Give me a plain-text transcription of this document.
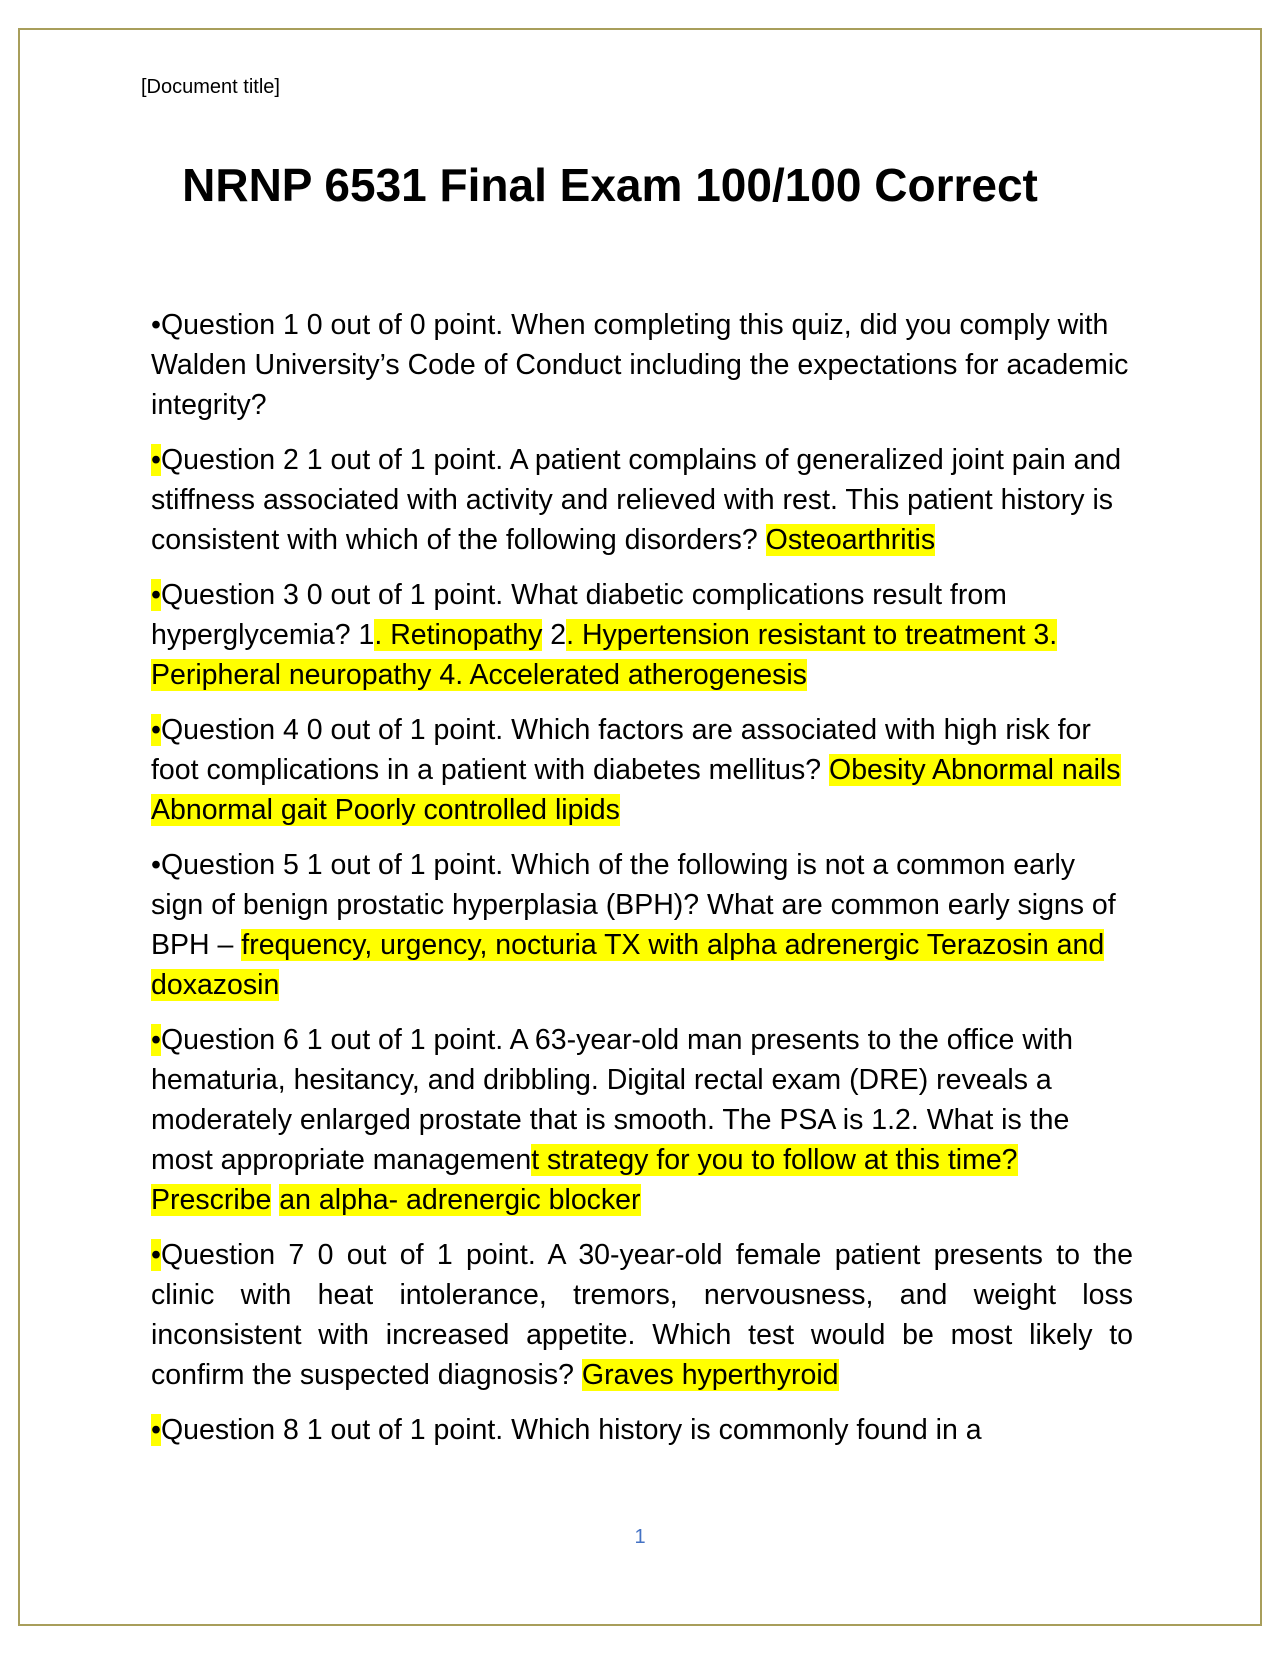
[Document title]
NRNP 6531 Final Exam 100/100 Correct

•Question 1 0 out of 0 point. When completing this quiz, did you comply with Walden University’s Code of Conduct including the expectations for academic integrity?

•Question 2 1 out of 1 point. A patient complains of generalized joint pain and stiffness associated with activity and relieved with rest. This patient history is consistent with which of the following disorders? Osteoarthritis

•Question 3 0 out of 1 point. What diabetic complications result from hyperglycemia? 1. Retinopathy 2. Hypertension resistant to treatment 3. Peripheral neuropathy 4. Accelerated atherogenesis

•Question 4 0 out of 1 point. Which factors are associated with high risk for foot complications in a patient with diabetes mellitus? Obesity Abnormal nails Abnormal gait Poorly controlled lipids

•Question 5 1 out of 1 point. Which of the following is not a common early sign of benign prostatic hyperplasia (BPH)? What are common early signs of BPH – frequency, urgency, nocturia TX with alpha adrenergic Terazosin and doxazosin

•Question 6 1 out of 1 point. A 63-year-old man presents to the office with hematuria, hesitancy, and dribbling. Digital rectal exam (DRE) reveals a moderately enlarged prostate that is smooth. The PSA is 1.2. What is the most appropriate management strategy for you to follow at this time? Prescribe an alpha- adrenergic blocker

•Question 7 0 out of 1 point. A 30-year-old female patient presents to the clinic with heat intolerance, tremors, nervousness, and weight loss inconsistent with increased appetite. Which test would be most likely to confirm the suspected diagnosis? Graves hyperthyroid

•Question 8 1 out of 1 point. Which history is commonly found in a

1
